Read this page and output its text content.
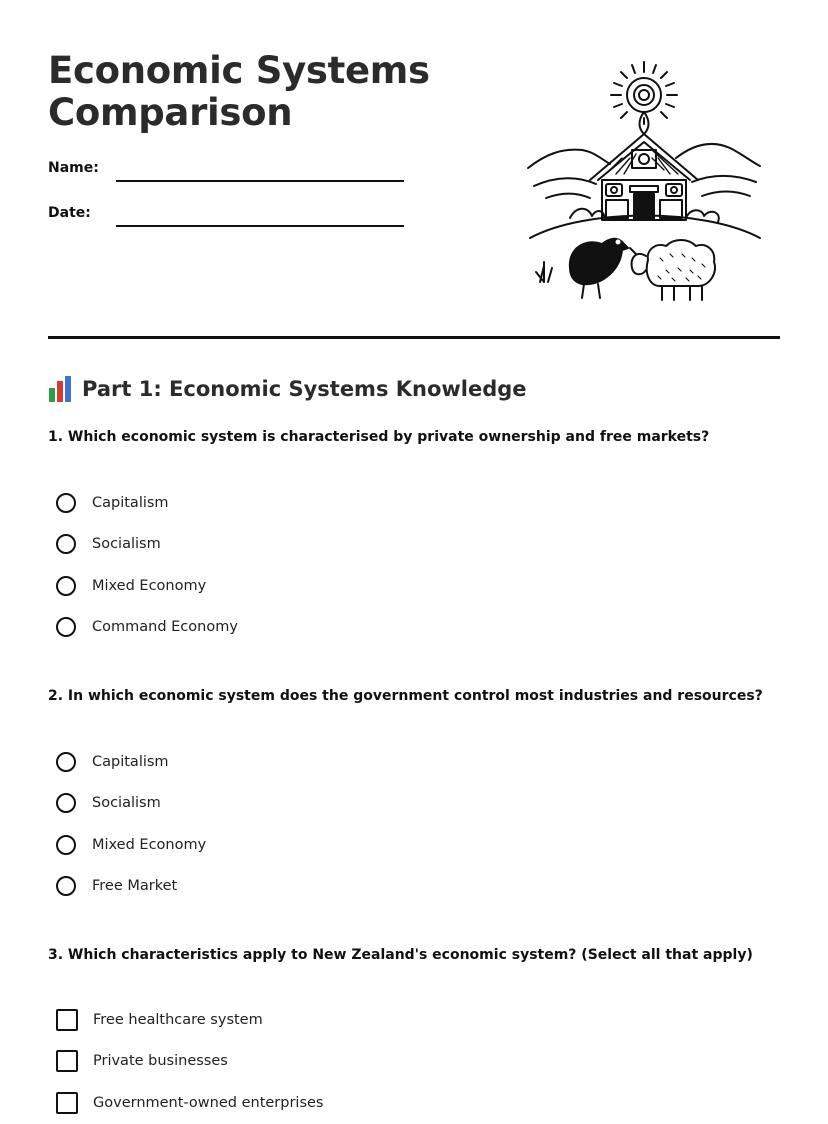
Economic Systems
Comparison
Name:
Date:
Part 1: Economic Systems Knowledge

1. Which economic system is characterised by private ownership and free markets?

Capitalism
Socialism
Mixed Economy
Command Economy

2. In which economic system does the government control most industries and resources?

Capitalism
Socialism
Mixed Economy
Free Market

3. Which characteristics apply to New Zealand's economic system? (Select all that apply)

Free healthcare system
Private businesses
Government-owned enterprises
